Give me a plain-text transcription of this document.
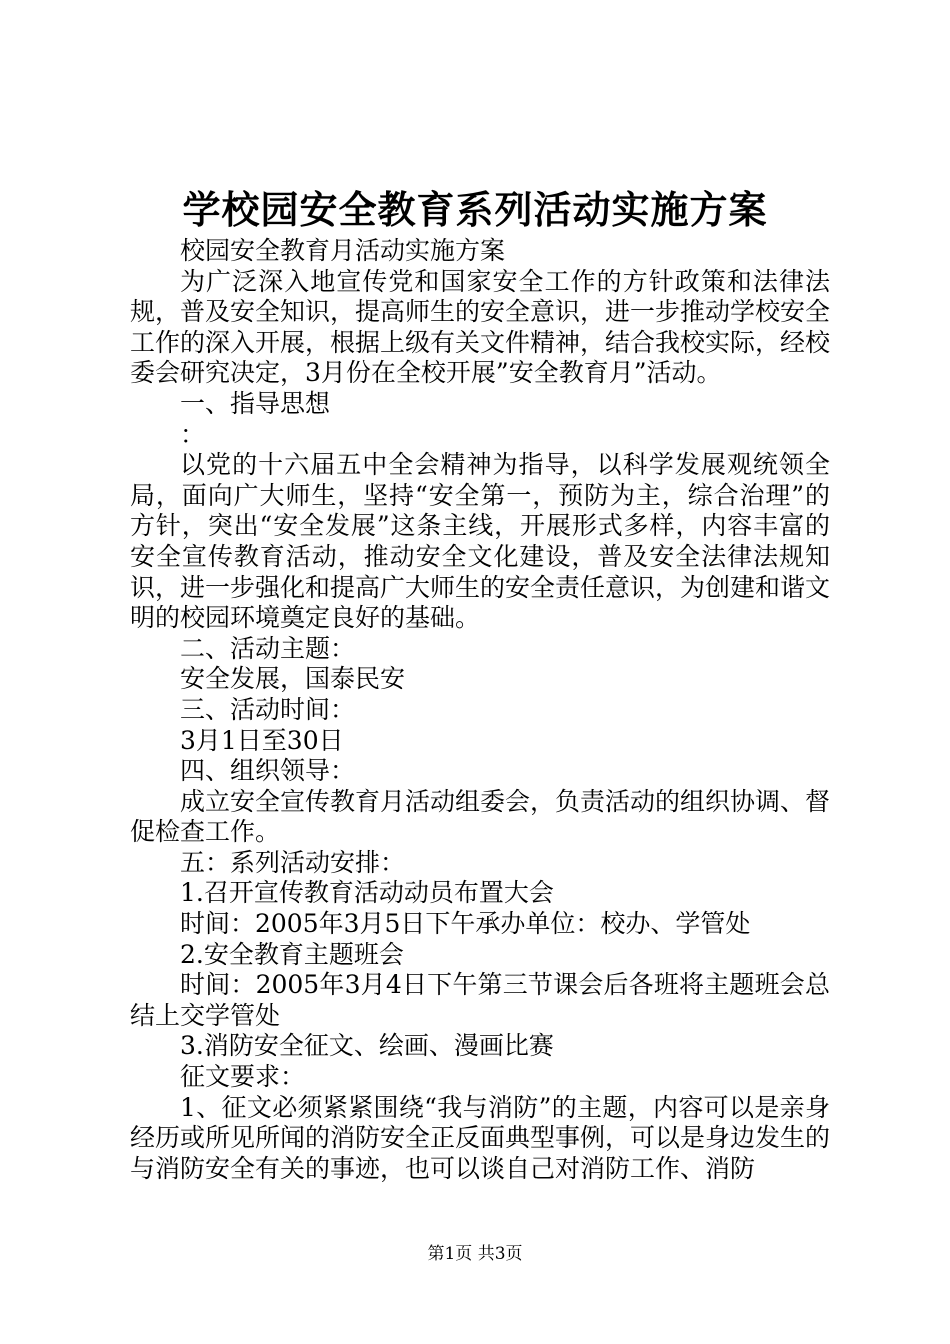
学校园安全教育系列活动实施方案

校园安全教育月活动实施方案

为广泛深入地宣传党和国家安全工作的方针政策和法律法规，普及安全知识，提高师生的安全意识，进一步推动学校安全工作的深入开展，根据上级有关文件精神，结合我校实际，经校委会研究决定，3月份在全校开展”安全教育月”活动。

一、指导思想

：

以党的十六届五中全会精神为指导，以科学发展观统领全局，面向广大师生，坚持“安全第一，预防为主，综合治理”的方针，突出“安全发展”这条主线，开展形式多样，内容丰富的安全宣传教育活动，推动安全文化建设，普及安全法律法规知识，进一步强化和提高广大师生的安全责任意识，为创建和谐文明的校园环境奠定良好的基础。

二、活动主题：

安全发展，国泰民安

三、活动时间：

3月1日至30日

四、组织领导：

成立安全宣传教育月活动组委会，负责活动的组织协调、督促检查工作。

五：系列活动安排：

1.召开宣传教育活动动员布置大会

时间：2005年3月5日下午承办单位：校办、学管处

2.安全教育主题班会

时间：2005年3月4日下午第三节课会后各班将主题班会总结上交学管处

3.消防安全征文、绘画、漫画比赛

征文要求：

1、征文必须紧紧围绕“我与消防”的主题，内容可以是亲身经历或所见所闻的消防安全正反面典型事例，可以是身边发生的与消防安全有关的事迹，也可以谈自己对消防工作、消防

第1页 共3页
